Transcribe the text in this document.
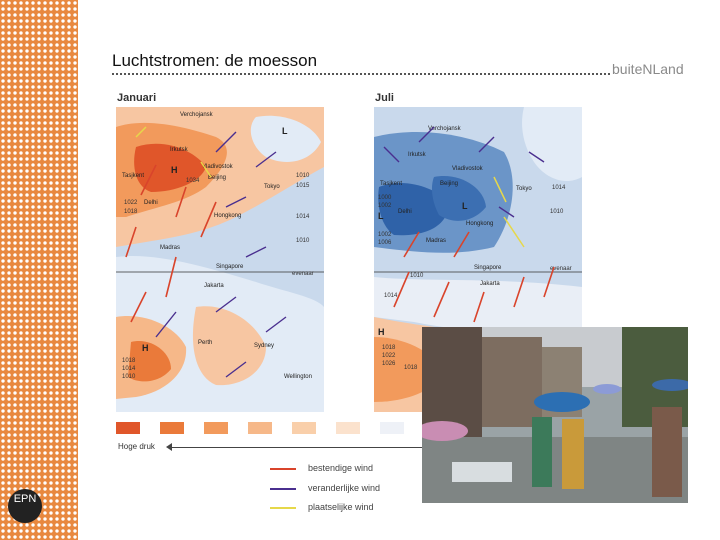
EPN
Luchtstromen: de moesson	buiteNLand
Januari
evenaar
H
L
H
Verchojansk
Irkutsk
Vladivostok
Tasjkent	Beijing
Tokyo
Delhi
Hongkong
Madras
Singapore
Jakarta
Perth	Sydney
Wellington
1034
1010
1015
1022
1018
1014
1010
1018
1014
1010
Juli
evenaar
L
L
H
Verchojansk
Irkutsk
Vladivostok
Tasjkent	Beijing
Tokyo
Delhi
Hongkong
Madras
Singapore
Jakarta
1014
1010
1006
1002
1000
1002
1010
1014
1018
1022
1026
1018
Hoge druk
bestendige wind
veranderlijke wind
plaatselijke wind
